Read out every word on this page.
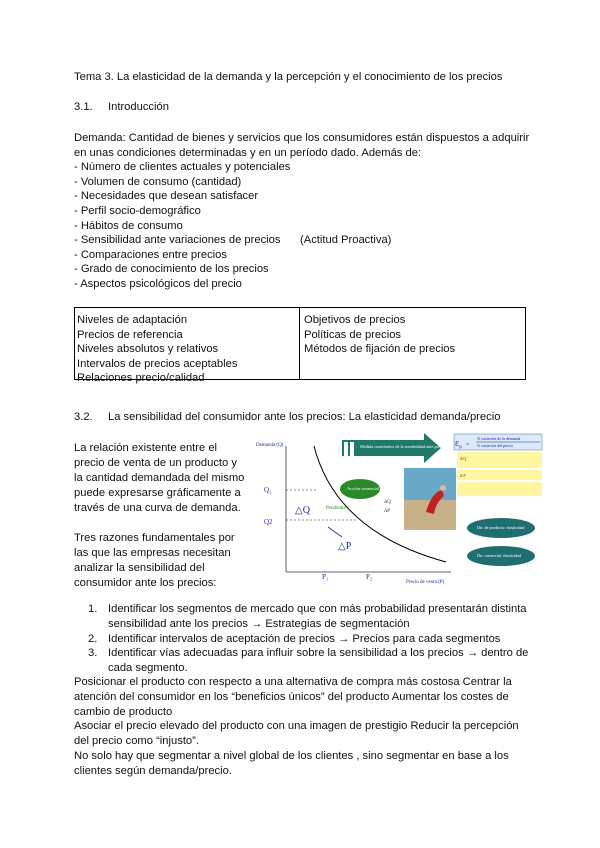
Tema 3. La elasticidad de la demanda y la percepción y el conocimiento de los precios
3.1. Introducción
Demanda: Cantidad de bienes y servicios que los consumidores están dispuestos a adquirir
en unas condiciones determinadas y en un período dado. Además de:
- Número de clientes actuales y potenciales
- Volumen de consumo (cantidad)
- Necesidades que desean satisfacer
- Perfil socio-demográfico
- Hábitos de consumo
- Sensibilidad ante variaciones de precios (Actitud Proactiva)
- Comparaciones entre precios
- Grado de conocimiento de los precios
- Aspectos psicológicos del precio
Niveles de adaptación
Precios de referencia
Niveles absolutos y relativos
Intervalos de precios aceptables
Relaciones precio/calidad
Objetivos de precios
Políticas de precios
Métodos de fijación de precios
3.2. La sensibilidad del consumidor ante los precios: La elasticidad demanda/precio
La relación existente entre el
precio de venta de un producto y
la cantidad demandada del mismo
puede expresarse gráficamente a
través de una curva de demanda.
Tres razones fundamentales por
las que las empresas necesitan
analizar la sensibilidad del
consumidor ante los precios:
Medida cuantitativa de la sensibilidad ante precios $\varepsilon_p$ =
% variación de la demanda
% variación del precio
Δ Q
Δ P
Acción comercial
Pendiente =
ΔQ
ΔP
Dir. de producto: elasticidad
Dir. comercial: elasticidad
Demanda (Q)
Q₁
Q2
△Q
△P
P₁	P₂
Precio de venta (P)
1. Identificar los segmentos de mercado que con más probabilidad presentarán distinta
sensibilidad ante los precios → Estrategias de segmentación
2. Identificar intervalos de aceptación de precios → Precios para cada segmentos
3. Identificar vías adecuadas para influir sobre la sensibilidad a los precios → dentro de
cada segmento.
Posicionar el producto con respecto a una alternativa de compra más costosa Centrar la
atención del consumidor en los “beneficios únicos” del producto Aumentar los costes de
cambio de producto
Asociar el precio elevado del producto con una imagen de prestigio Reducir la percepción
del precio como “injusto”.
No solo hay que segmentar a nivel global de los clientes , sino segmentar en base a los
clientes según demanda/precio.
